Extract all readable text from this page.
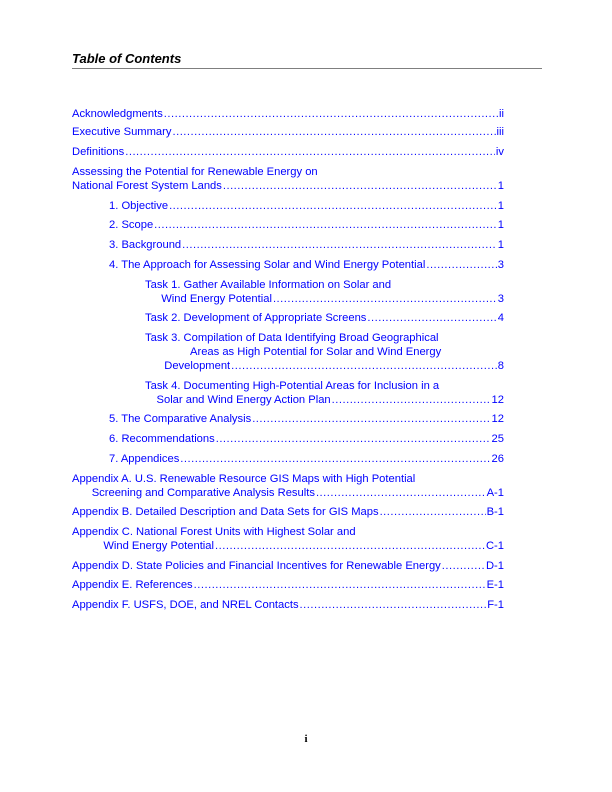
Table of Contents
Acknowledgments .....	ii
Executive Summary .....	iii
Definitions .....	iv
Assessing the Potential for Renewable Energy on
National Forest System Lands .....	1
1. Objective .....	1
2. Scope .....	1
3. Background .....	1
4. The Approach for Assessing Solar and Wind Energy Potential .....	3
Task 1. Gather Available Information on Solar and
Wind Energy Potential .....	3
Task 2. Development of Appropriate Screens .....	4
Task 3. Compilation of Data Identifying Broad Geographical
Areas as High Potential for Solar and Wind Energy
Development .....	8
Task 4. Documenting High-Potential Areas for Inclusion in a
Solar and Wind Energy Action Plan .....	12
5. The Comparative Analysis .....	12
6. Recommendations .....	25
7. Appendices .....	26
Appendix A. U.S. Renewable Resource GIS Maps with High Potential
Screening and Comparative Analysis Results .....	A-1
Appendix B. Detailed Description and Data Sets for GIS Maps .....	B-1
Appendix C. National Forest Units with Highest Solar and
Wind Energy Potential .....	C-1
Appendix D. State Policies and Financial Incentives for Renewable Energy .....	D-1
Appendix E. References .....	E-1
Appendix F. USFS, DOE, and NREL Contacts .....	F-1
i
